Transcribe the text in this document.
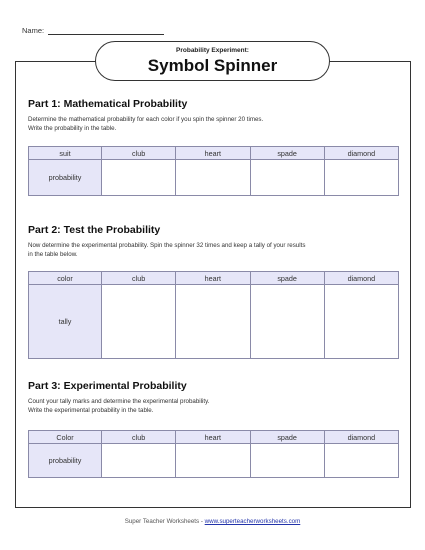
Name:
Probability Experiment:
Symbol Spinner
Part 1: Mathematical Probability

Determine the mathematical probability for each color if you spin the spinner 20 times.

Write the probability in the table.

suit	club	heart	spade	diamond
probability				
Part 2: Test the Probability

Now determine the experimental probability. Spin the spinner 32 times and keep a tally of your results

in the table below.

color	club	heart	spade	diamond
tally				
Part 3: Experimental Probability

Count your tally marks and determine the experimental probability.

Write the experimental probability in the table.

Color	club	heart	spade	diamond
probability				
Super Teacher Worksheets - www.superteacherworksheets.com
